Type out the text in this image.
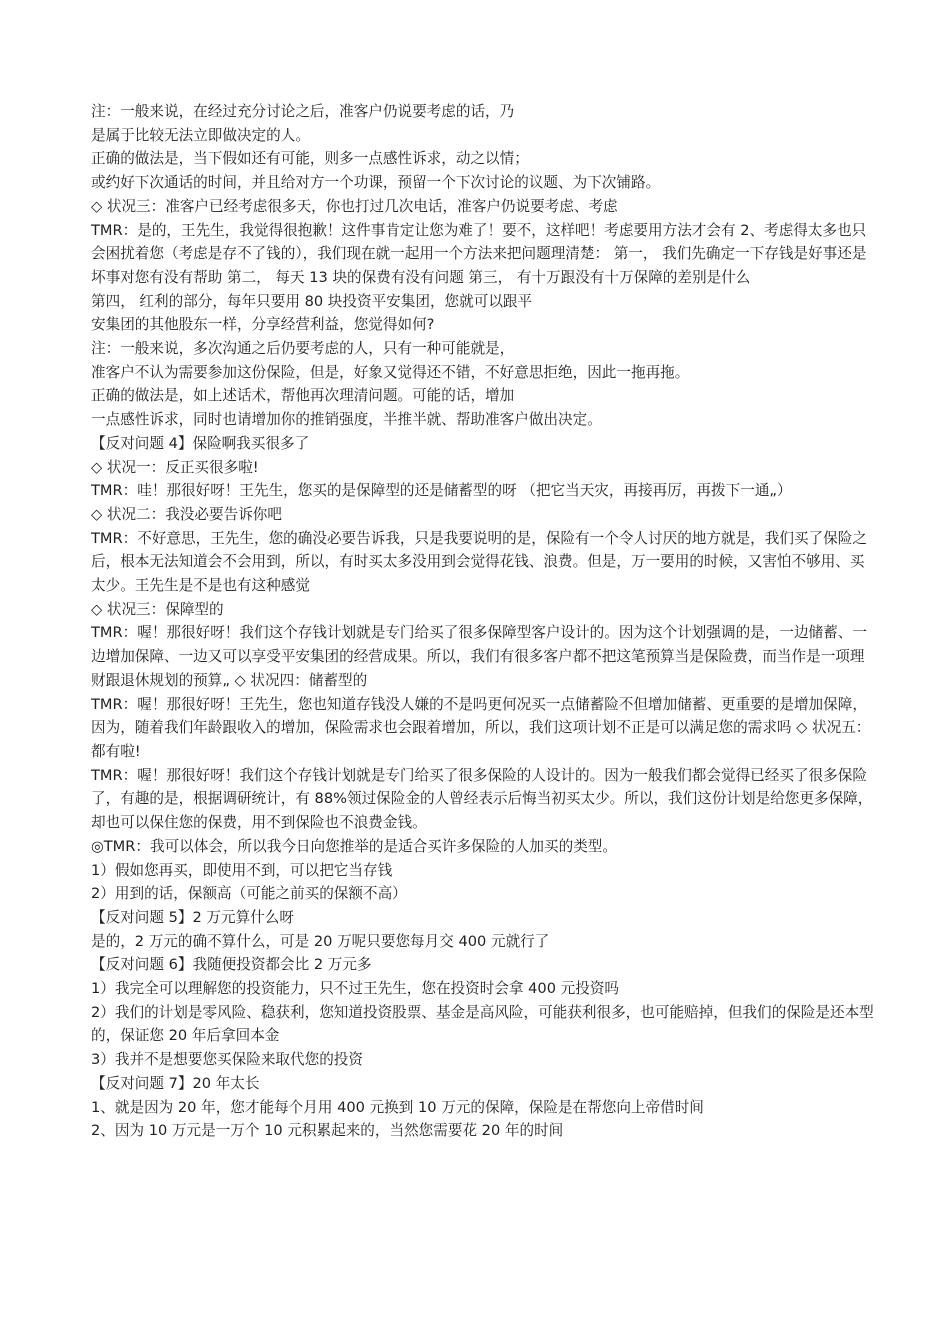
注：一般来说，在经过充分讨论之后，准客户仍说要考虑的话，乃

是属于比较无法立即做决定的人。

正确的做法是，当下假如还有可能，则多一点感性诉求，动之以情；

或约好下次通话的时间，并且给对方一个功课，预留一个下次讨论的议题、为下次铺路。

◇ 状况三：准客户已经考虑很多天，你也打过几次电话，准客户仍说要考虑、考虑

TMR：是的，王先生，我觉得很抱歉！这件事肯定让您为难了！要不，这样吧！考虑要用方法才会有 2、考虑得太多也只会困扰着您（考虑是存不了钱的），我们现在就一起用一个方法来把问题理清楚： 第一， 我们先确定一下存钱是好事还是坏事对您有没有帮助 第二， 每天 13 块的保费有没有问题 第三， 有十万跟没有十万保障的差别是什么

第四， 红利的部分，每年只要用 80 块投资平安集团，您就可以跟平

安集团的其他股东一样，分享经营利益，您觉得如何?

注：一般来说，多次沟通之后仍要考虑的人，只有一种可能就是，

准客户不认为需要参加这份保险，但是，好象又觉得还不错，不好意思拒绝，因此一拖再拖。

正确的做法是，如上述话术，帮他再次理清问题。可能的话，增加

一点感性诉求，同时也请增加你的推销强度，半推半就、帮助准客户做出决定。

【反对问题 4】保险啊我买很多了

◇ 状况一：反正买很多啦!

TMR：哇！那很好呀！王先生，您买的是保障型的还是储蓄型的呀 （把它当天灾，再接再厉，再拨下一通„）

◇ 状况二：我没必要告诉你吧

TMR：不好意思，王先生，您的确没必要告诉我，只是我要说明的是，保险有一个令人讨厌的地方就是，我们买了保险之后，根本无法知道会不会用到，所以，有时买太多没用到会觉得花钱、浪费。但是，万一要用的时候，又害怕不够用、买太少。王先生是不是也有这种感觉

◇ 状况三：保障型的

TMR：喔！那很好呀！我们这个存钱计划就是专门给买了很多保障型客户设计的。因为这个计划强调的是，一边储蓄、一边增加保障、一边又可以享受平安集团的经营成果。所以，我们有很多客户都不把这笔预算当是保险费，而当作是一项理财跟退休规划的预算„ ◇ 状况四：储蓄型的

TMR：喔！那很好呀！王先生，您也知道存钱没人嫌的不是吗更何况买一点储蓄险不但增加储蓄、更重要的是增加保障，因为，随着我们年龄跟收入的增加，保险需求也会跟着增加，所以，我们这项计划不正是可以满足您的需求吗 ◇ 状况五：都有啦!

TMR：喔！那很好呀！我们这个存钱计划就是专门给买了很多保险的人设计的。因为一般我们都会觉得已经买了很多保险了，有趣的是，根据调研统计，有 88%领过保险金的人曾经表示后悔当初买太少。所以，我们这份计划是给您更多保障，却也可以保住您的保费，用不到保险也不浪费金钱。

◎TMR：我可以体会，所以我今日向您推举的是适合买许多保险的人加买的类型。

1）假如您再买，即使用不到，可以把它当存钱

2）用到的话，保额高（可能之前买的保额不高）

【反对问题 5】2 万元算什么呀

是的，2 万元的确不算什么，可是 20 万呢只要您每月交 400 元就行了

【反对问题 6】我随便投资都会比 2 万元多

1）我完全可以理解您的投资能力，只不过王先生，您在投资时会拿 400 元投资吗

2）我们的计划是零风险、稳获利，您知道投资股票、基金是高风险，可能获利很多，也可能赔掉，但我们的保险是还本型的，保证您 20 年后拿回本金

3）我并不是想要您买保险来取代您的投资

【反对问题 7】20 年太长

1、就是因为 20 年，您才能每个月用 400 元换到 10 万元的保障，保险是在帮您向上帝借时间

2、因为 10 万元是一万个 10 元积累起来的，当然您需要花 20 年的时间
